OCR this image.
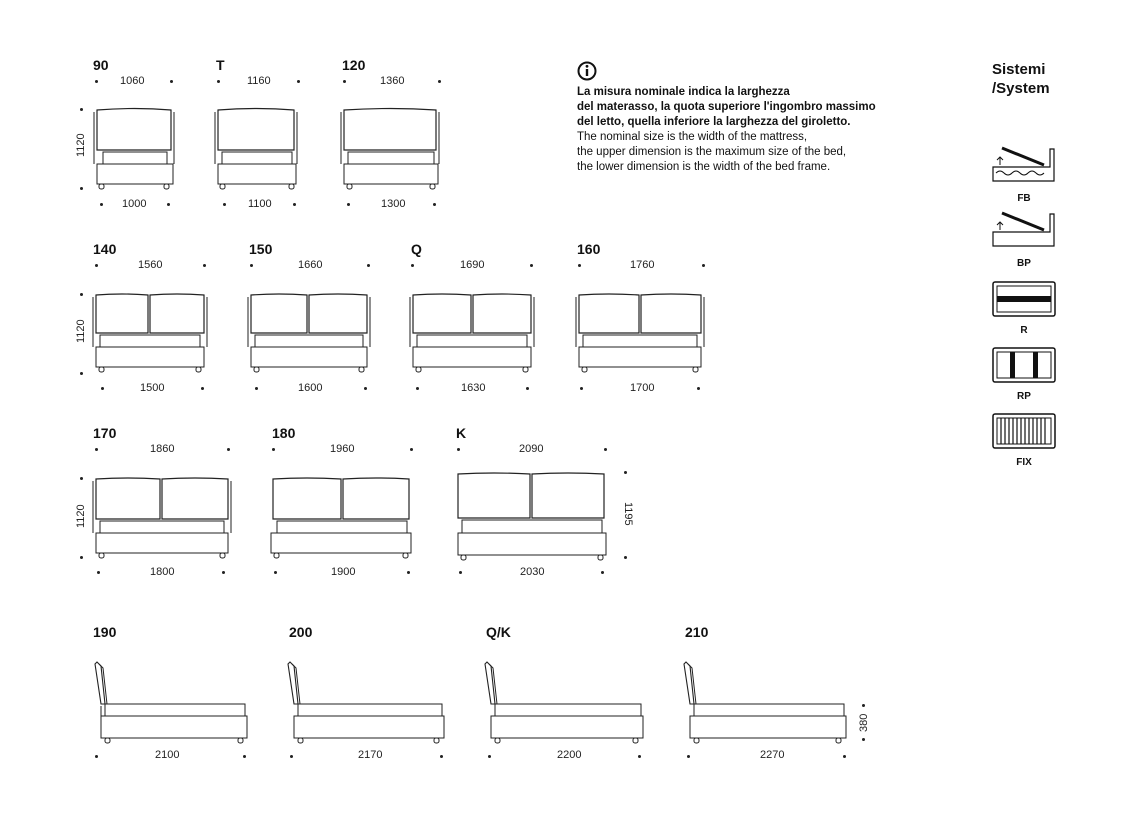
90
1060
1120
1000
T
1160
1100
120
1360
1300
La misura nominale indica la larghezza
del materasso, la quota superiore l'ingombro massimo
del letto, quella inferiore la larghezza del giroletto.
The nominal size is the width of the mattress,
the upper dimension is the maximum size of the bed,
the lower dimension is the width of the bed frame.
Sistemi
/System
FB
BP
R
RP
FIX
140
1560
1120
1500
150
1660
1600
Q
1690
1630
160
1760
1700
170
1860
1120
1800
180
1960
1900
K
2090
1195
2030
190
2100
200
2170
Q/K
2200
210
380
2270
